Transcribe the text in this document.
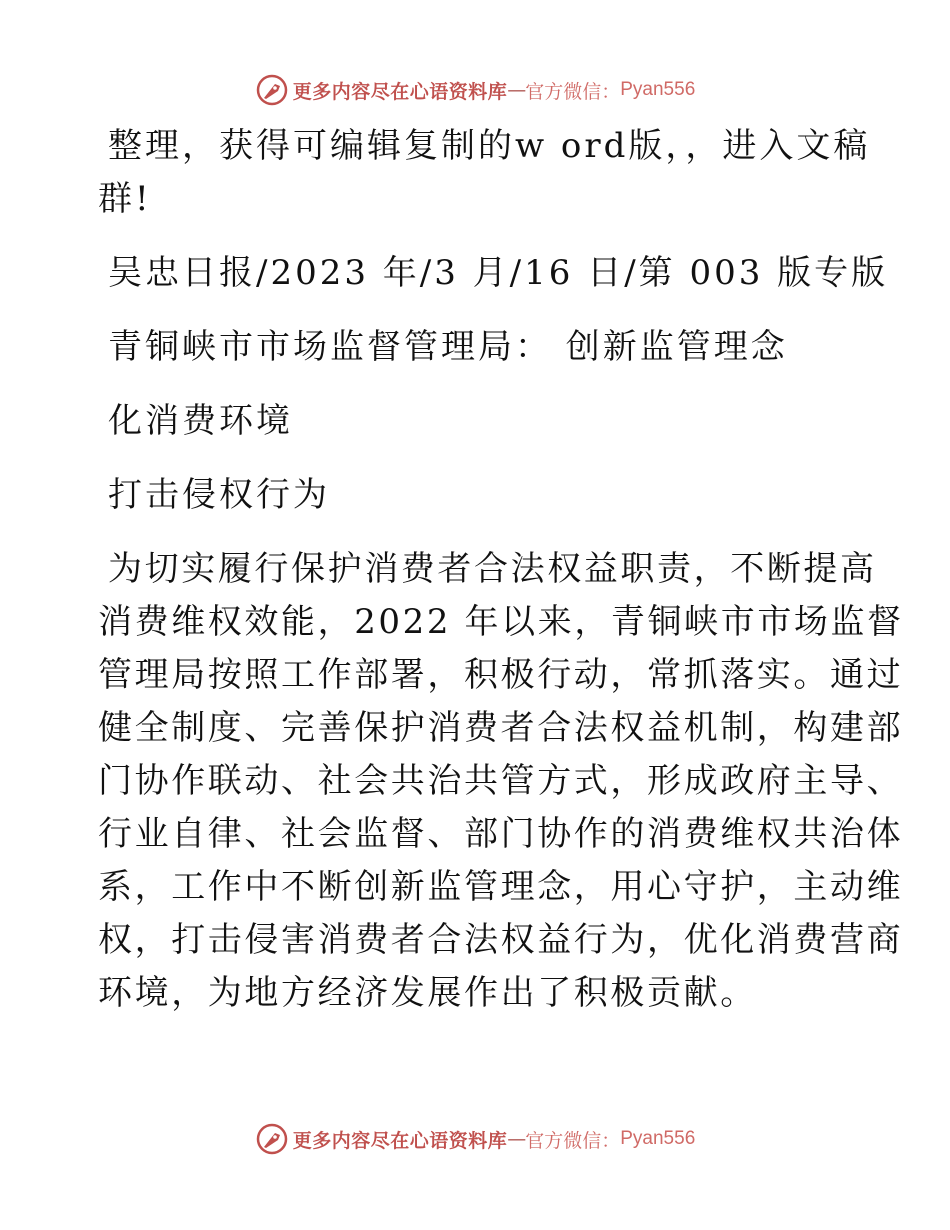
更多内容尽在心语资料库 — 官方微信： Pyan556
整理，获得可编辑复制的w ord版，，进入文稿
群!
吴忠日报/2023 年/3 月/16 日/第 003 版专版
青铜峡市市场监督管理局： 创新监管理念
化消费环境
打击侵权行为
为切实履行保护消费者合法权益职责，不断提高
消费维权效能，2022 年以来，青铜峡市市场监督
管理局按照工作部署，积极行动，常抓落实。通过
健全制度、完善保护消费者合法权益机制，构建部
门协作联动、社会共治共管方式，形成政府主导、
行业自律、社会监督、部门协作的消费维权共治体
系，工作中不断创新监管理念，用心守护，主动维
权，打击侵害消费者合法权益行为，优化消费营商
环境，为地方经济发展作出了积极贡献。
更多内容尽在心语资料库 — 官方微信： Pyan556
